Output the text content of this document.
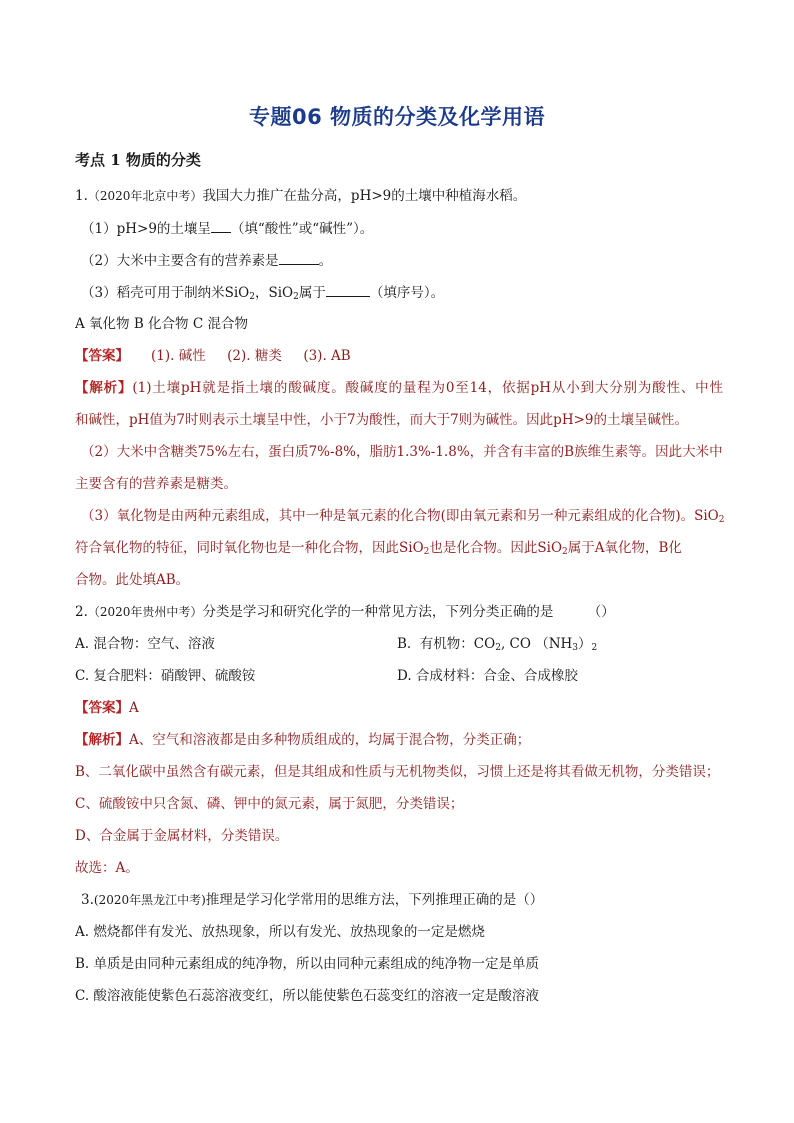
专题06 物质的分类及化学用语
考点 1 物质的分类
1.（2020年北京中考）我国大力推广在盐分高，pH>9的土壤中种植海水稻。
（1）pH>9的土壤呈 （填“酸性”或“碱性”）。
（2）大米中主要含有的营养素是	。
（3）稻壳可用于制纳米SiO$_2$，SiO$_2$属于	（填序号）。
A 氧化物 B 化合物 C 混合物
【答案】 (1). 碱性     (2). 糖类     (3). AB
【解析】(1)土壤pH就是指土壤的酸碱度。酸碱度的量程为0至14，依据pH从小到大分别为酸性、中性
和碱性，pH值为7时则表示土壤呈中性，小于7为酸性，而大于7则为碱性。因此pH>9的土壤呈碱性。
（2）大米中含糖类75%左右，蛋白质7%-8%，脂肪1.3%-1.8%，并含有丰富的B族维生素等。因此大米中
主要含有的营养素是糖类。
（3）氧化物是由两种元素组成，其中一种是氧元素的化合物(即由氧元素和另一种元素组成的化合物)。SiO$_2$
符合氧化物的特征，同时氧化物也是一种化合物，因此SiO$_2$也是化合物。因此SiO$_2$属于A氧化物，B化
合物。此处填AB。
2.（2020年贵州中考）分类是学习和研究化学的一种常见方法，下列分类正确的是        （）
A. 混合物：空气、溶液	B.  有机物：$CO_2$, CO $(NH_3)_2$
C. 复合肥料：硝酸钾、硫酸铵	D. 合成材料：合金、合成橡胶
【答案】A
【解析】A、空气和溶液都是由多种物质组成的，均属于混合物，分类正确；
B、二氧化碳中虽然含有碳元素，但是其组成和性质与无机物类似，习惯上还是将其看做无机物，分类错误；
C、硫酸铵中只含氮、磷、钾中的氮元素，属于氮肥，分类错误；
D、合金属于金属材料，分类错误。
故选：A。
3.(2020年黑龙江中考)推理是学习化学常用的思维方法，下列推理正确的是（）
A. 燃烧都伴有发光、放热现象，所以有发光、放热现象的一定是燃烧
B. 单质是由同种元素组成的纯净物，所以由同种元素组成的纯净物一定是单质
C. 酸溶液能使紫色石蕊溶液变红，所以能使紫色石蕊变红的溶液一定是酸溶液
